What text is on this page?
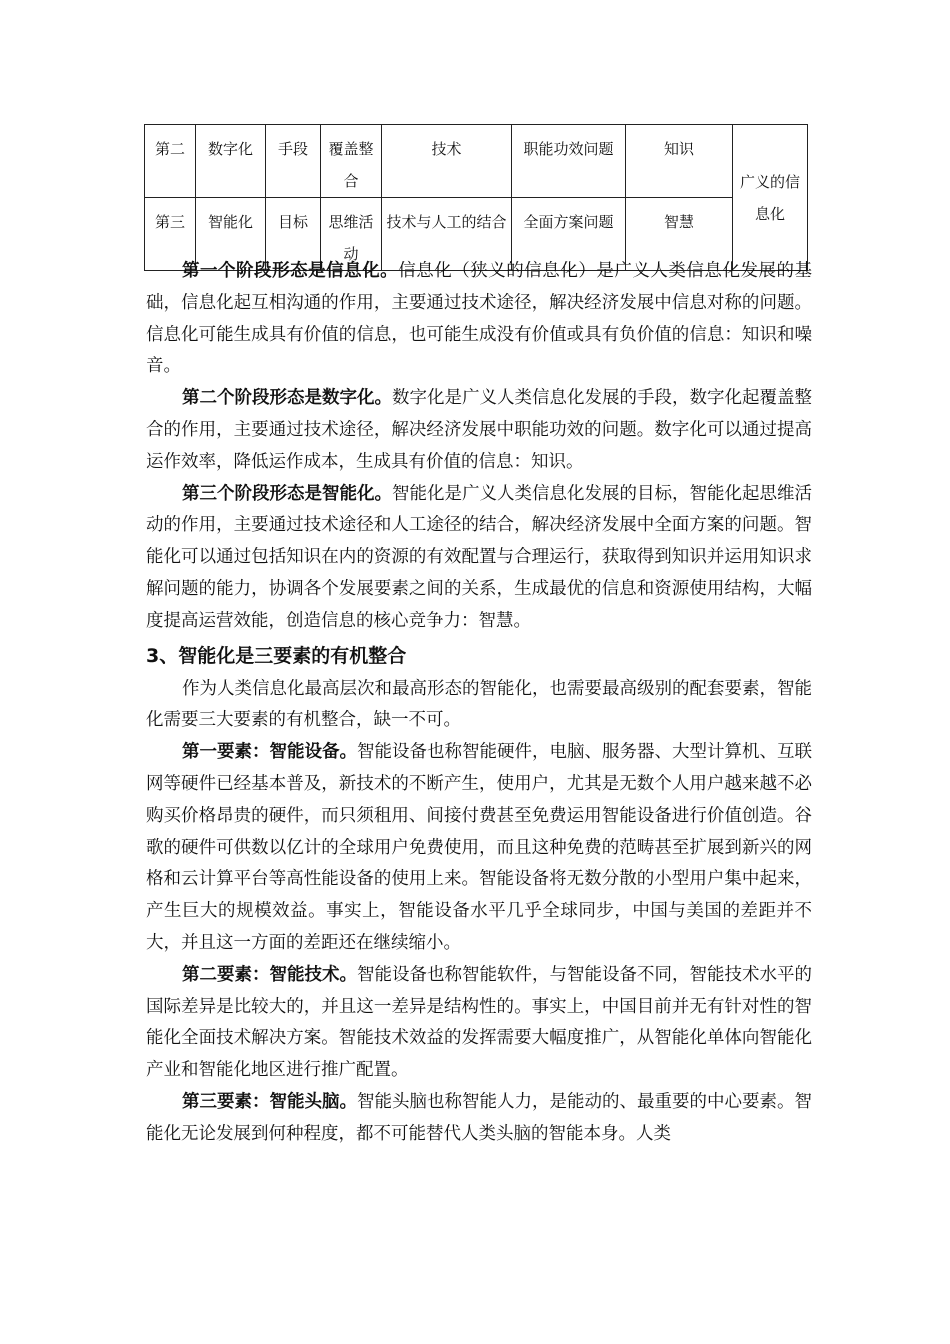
第二	数字化	手段	覆盖整合	技术	职能功效问题	知识	广义的信息化
第三	智能化	目标	思维活动	技术与人工的结合	全面方案问题	智慧	

第一个阶段形态是信息化。信息化（狭义的信息化）是广义人类信息化发展的基础，信息化起互相沟通的作用，主要通过技术途径，解决经济发展中信息对称的问题。信息化可能生成具有价值的信息，也可能生成没有价值或具有负价值的信息：知识和噪音。

第二个阶段形态是数字化。数字化是广义人类信息化发展的手段，数字化起覆盖整合的作用，主要通过技术途径，解决经济发展中职能功效的问题。数字化可以通过提高运作效率，降低运作成本，生成具有价值的信息：知识。

第三个阶段形态是智能化。智能化是广义人类信息化发展的目标，智能化起思维活动的作用，主要通过技术途径和人工途径的结合，解决经济发展中全面方案的问题。智能化可以通过包括知识在内的资源的有效配置与合理运行，获取得到知识并运用知识求解问题的能力，协调各个发展要素之间的关系，生成最优的信息和资源使用结构，大幅度提高运营效能，创造信息的核心竞争力：智慧。

3、智能化是三要素的有机整合

作为人类信息化最高层次和最高形态的智能化，也需要最高级别的配套要素，智能化需要三大要素的有机整合，缺一不可。

第一要素：智能设备。智能设备也称智能硬件，电脑、服务器、大型计算机、互联网等硬件已经基本普及，新技术的不断产生，使用户，尤其是无数个人用户越来越不必购买价格昂贵的硬件，而只须租用、间接付费甚至免费运用智能设备进行价值创造。谷歌的硬件可供数以亿计的全球用户免费使用，而且这种免费的范畴甚至扩展到新兴的网格和云计算平台等高性能设备的使用上来。智能设备将无数分散的小型用户集中起来，产生巨大的规模效益。事实上，智能设备水平几乎全球同步，中国与美国的差距并不大，并且这一方面的差距还在继续缩小。

第二要素：智能技术。智能设备也称智能软件，与智能设备不同，智能技术水平的国际差异是比较大的，并且这一差异是结构性的。事实上，中国目前并无有针对性的智能化全面技术解决方案。智能技术效益的发挥需要大幅度推广，从智能化单体向智能化产业和智能化地区进行推广配置。

第三要素：智能头脑。智能头脑也称智能人力，是能动的、最重要的中心要素。智能化无论发展到何种程度，都不可能替代人类头脑的智能本身。人类
